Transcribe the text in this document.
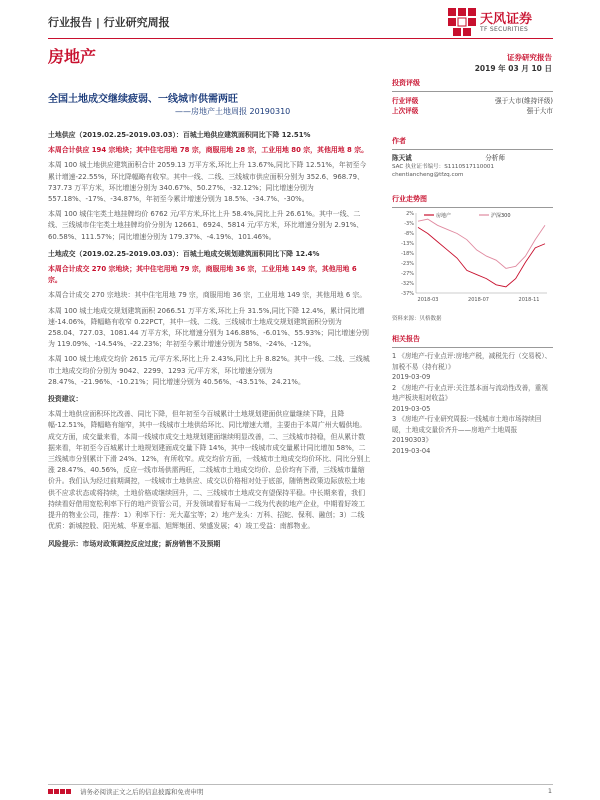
行业报告 | 行业研究周报	天风证券
TF SECURITIES
房地产	证券研究报告
2019 年 03 月 10 日
全国土地成交继续疲弱、一线城市供需两旺
——房地产土地周报 20190310

土地供应（2019.02.25-2019.03.03）：百城土地供应建筑面积同比下降 12.51%

本周合计供应 194 宗地块；其中住宅用地 78 宗，商服用地 28 宗，工业用地 80 宗，其他用地 8 宗。

本周 100 城土地供应建筑面积合计 2059.13 万平方米,环比上升 13.67%,同比下降 12.51%，年初至今累计增速-22.55%，环比降幅略有收窄。其中一线、二线、三线城市供应面积分别为 352.6、968.79、737.73 万平方米，环比增速分别为 340.67%、50.27%、-32.12%；同比增速分别为 557.18%、-17%、-34.87%，年初至今累计增速分别为 18.5%、-34.7%、-30%。

本周 100 城住宅类土地挂牌均价 6762 元/平方米,环比上升 58.4%,同比上升 26.61%。其中一线、二线、三线城市住宅类土地挂牌均价分别为 12661、6924、5814 元/平方米，环比增速分别为 2.91%、60.58%、111.57%；同比增速分别为 179.37%、-4.19%、101.46%。

土地成交（2019.02.25-2019.03.03）：百城土地成交规划建筑面积同比下降 12.4%

本周合计成交 270 宗地块；其中住宅用地 79 宗，商服用地 36 宗，工业用地 149 宗，其他用地 6 宗。

本周合计成交 270 宗地块：其中住宅用地 79 宗，商服用地 36 宗，工业用地 149 宗，其他用地 6 宗。

本周 100 城土地成交规划建筑面积 2066.51 万平方米,环比上升 31.5%,同比下降 12.4%，累计同比增速-14.06%，降幅略有收窄 0.22PCT，其中一线、二线、三线城市土地成交规划建筑面积分别为 258.04、727.03、1081.44 万平方米，环比增速分别为 146.88%、-6.01%、55.93%；同比增速分别为 119.09%、-14.54%、-22.23%；年初至今累计增速分别为 58%、-24%、-12%。

本周 100 城土地成交均价 2615 元/平方米,环比上升 2.43%,同比上升 8.82%。其中一线、二线、三线城市土地成交均价分别为 9042、2299、1293 元/平方米，环比增速分别为 28.47%、-21.96%、-10.21%；同比增速分别为 40.56%、-43.51%、24.21%。

投资建议：

本周土地供应面积环比改善、同比下降，但年初至今百城累计土地规划建面供应量继续下降，且降幅-12.51%，降幅略有缩窄，其中一线城市土地供给环比、同比增速大增，主要由于本周广州大幅供地。成交方面，成交量来看，本周一线城市成交土地规划建面继续明显改善，二、三线城市持稳，但从累计数据来看，年初至今百城累计土地规划建面成交量下降 14%，其中一线城市成交量累计同比增加 58%，二三线城市分别累计下滑 24%、12%，有所收窄。成交均价方面，一线城市土地成交均价环比、同比分别上涨 28.47%、40.56%，反应一线市场供需两旺，二线城市土地成交均价、总价均有下滑，三线城市量缩价升。我们认为经过前期调控，一线城市土地供应、成交以价格相对处于底部，随销售政策边际放松土地供不应求状态或将持续，土地价格或继续回升，二、三线城市土地成交有望保持平稳。中长期来看，我们持续看好借用宽松利率下行的地产资管公司，开发领域看好布局一二线为代表的地产企业，中期看好竣工提升的物业公司，推荐：1）利率下行：光大嘉宝等；2）地产龙头：万科、招蛇、保利、融创；3）二线优质：新城控股、阳光城、华夏幸福、旭辉集团、荣盛发展；4）竣工受益：南都物业。

风险提示：市场对政策调控反应过度；新房销售不及预期

投资评级
行业评级	强于大市(维持评级)
上次评级	强于大市
作者
陈天诚	分析师
SAC 执业证书编号：S1110517110001
chentiancheng@tfzq.com
行业走势图
2%
-3%
-8%
-13%
-18%
-23%
-27%
-32%
-37%
2018-03	2018-07	2018-11
房地产	沪深300
资料来源：贝格数据
相关报告

1 《房地产-行业点评:房地产税，减税先行（交易税）、加税不易（持有税）》

2019-03-09

2 《房地产-行业点评:关注基本面与流动性改善，重视地产板块相对收益》

2019-03-05

3 《房地产-行业研究周报:一线城市土地市场持续回暖，土地成交量价齐升——房地产土地周报 20190303》

2019-03-04

请务必阅读正文之后的信息披露和免责申明	1
